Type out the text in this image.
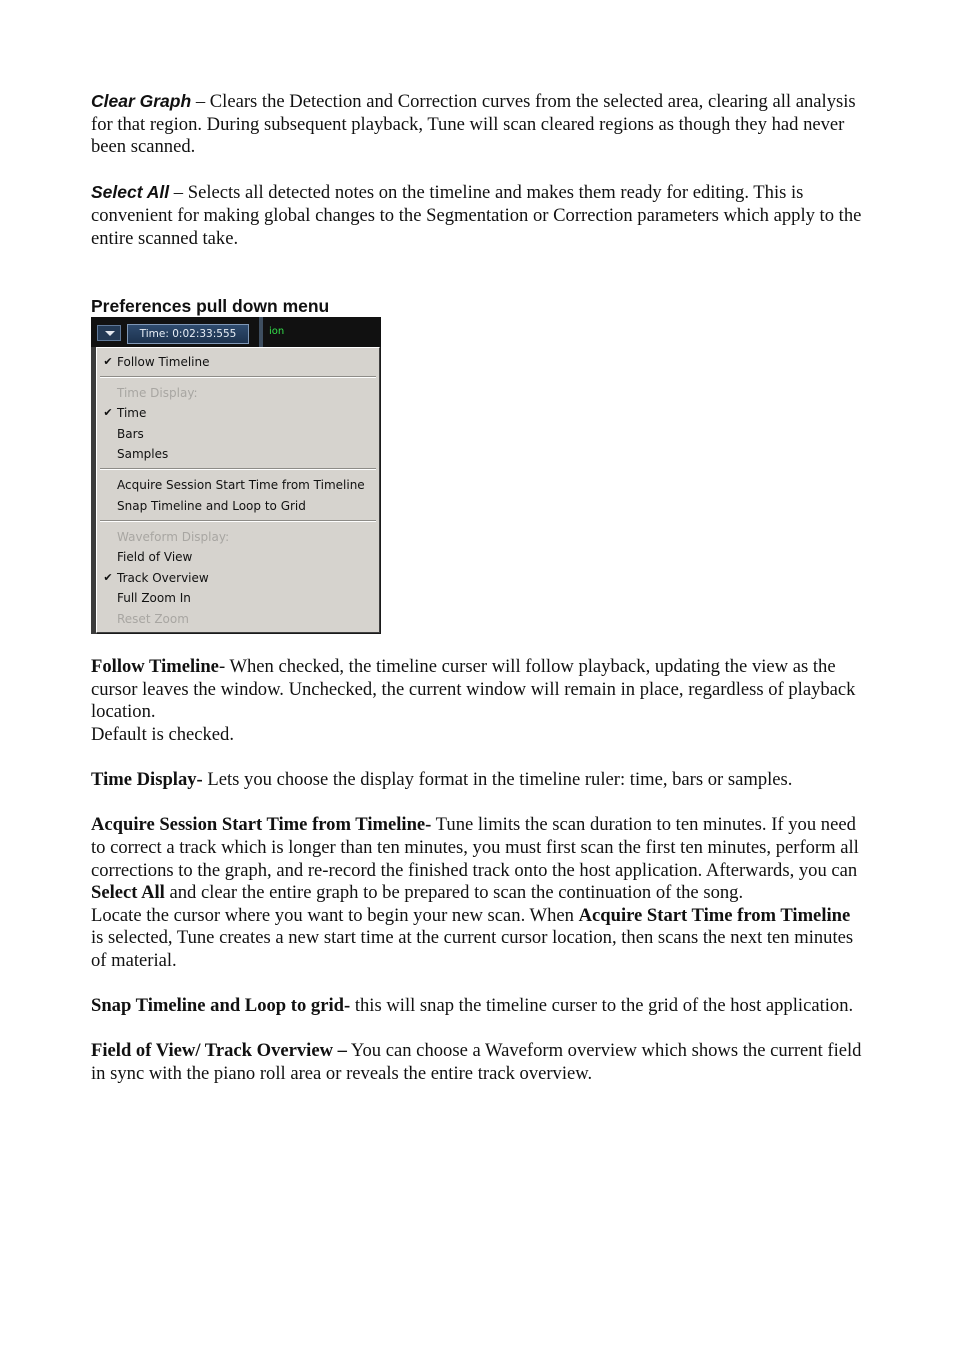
Clear Graph – Clears the Detection and Correction curves from the selected area, clearing all analysis for that region. During subsequent playback, Tune will scan cleared regions as though they had never been scanned.

Select All – Selects all detected notes on the timeline and makes them ready for editing. This is convenient for making global changes to the Segmentation or Correction parameters which apply to the entire scanned take.

Preferences pull down menu
Time: 0:02:33:555	ion
✔ Follow Timeline
Time Display:
✔ Time
Bars
Samples
Acquire Session Start Time from Timeline
Snap Timeline and Loop to Grid
Waveform Display:
Field of View
✔ Track Overview
Full Zoom In
Reset Zoom

Follow Timeline- When checked, the timeline curser will follow playback, updating the view as the cursor leaves the window. Unchecked, the current window will remain in place, regardless of playback location.
Default is checked.

Time Display- Lets you choose the display format in the timeline ruler: time, bars or samples.

Acquire Session Start Time from Timeline- Tune limits the scan duration to ten minutes. If you need to correct a track which is longer than ten minutes, you must first scan the first ten minutes, perform all corrections to the graph, and re-record the finished track onto the host application. Afterwards, you can Select All and clear the entire graph to be prepared to scan the continuation of the song.
Locate the cursor where you want to begin your new scan. When Acquire Start Time from Timeline is selected, Tune creates a new start time at the current cursor location, then scans the next ten minutes of material.

Snap Timeline and Loop to grid- this will snap the timeline curser to the grid of the host application.

Field of View/ Track Overview – You can choose a Waveform overview which shows the current field in sync with the piano roll area or reveals the entire track overview.
